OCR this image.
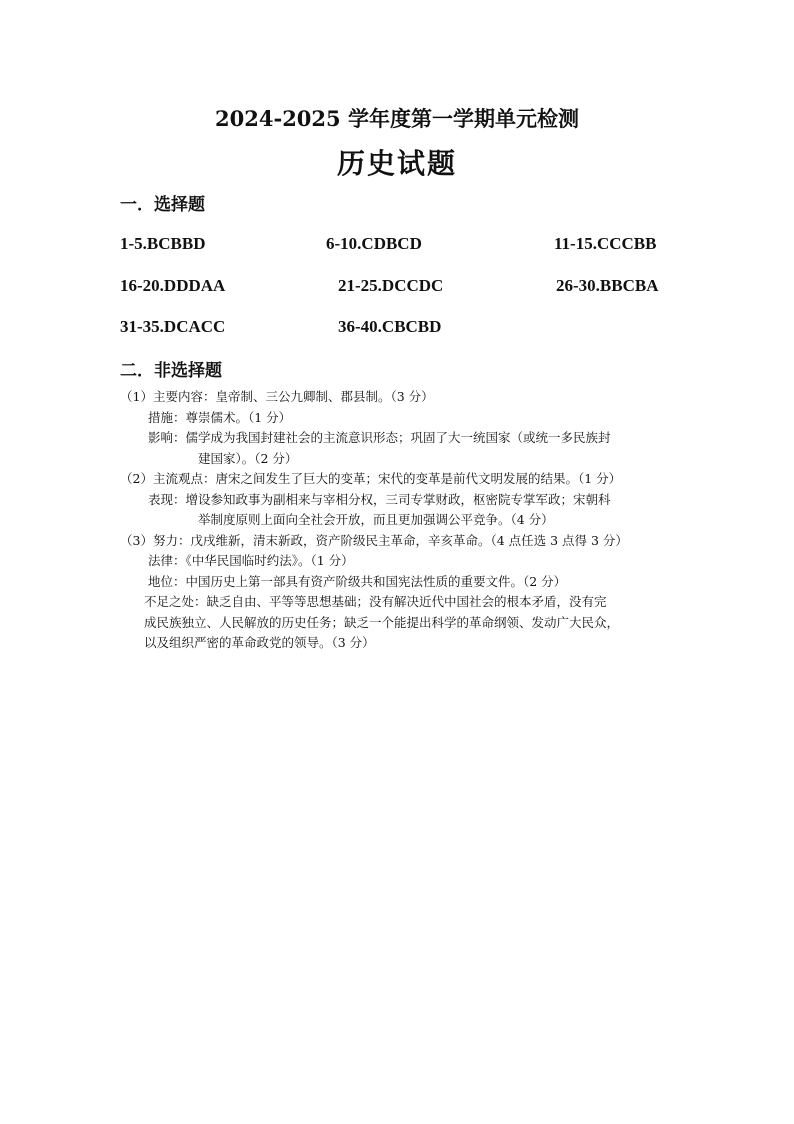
2024-2025 学年度第一学期单元检测
历史试题
一．选择题
1-5.BCBBD	6-10.CDBCD	11-15.CCCBB
16-20.DDDAA	21-25.DCCDC	26-30.BBCBA
31-35.DCACC	36-40.CBCBD
二．非选择题
（1）主要内容：皇帝制、三公九卿制、郡县制。（3 分）
措施：尊崇儒术。（1 分）
影响：儒学成为我国封建社会的主流意识形态；巩固了大一统国家（或统一多民族封
建国家）。（2 分）
（2）主流观点：唐宋之间发生了巨大的变革；宋代的变革是前代文明发展的结果。（1 分）
表现：增设参知政事为副相来与宰相分权，三司专掌财政，枢密院专掌军政；宋朝科
举制度原则上面向全社会开放，而且更加强调公平竞争。（4 分）
（3）努力：戊戌维新，清末新政，资产阶级民主革命，辛亥革命。（4 点任选 3 点得 3 分）
法律：《中华民国临时约法》。（1 分）
地位：中国历史上第一部具有资产阶级共和国宪法性质的重要文件。（2 分）
不足之处：缺乏自由、平等等思想基础；没有解决近代中国社会的根本矛盾，没有完
成民族独立、人民解放的历史任务；缺乏一个能提出科学的革命纲领、发动广大民众，
以及组织严密的革命政党的领导。（3 分）
